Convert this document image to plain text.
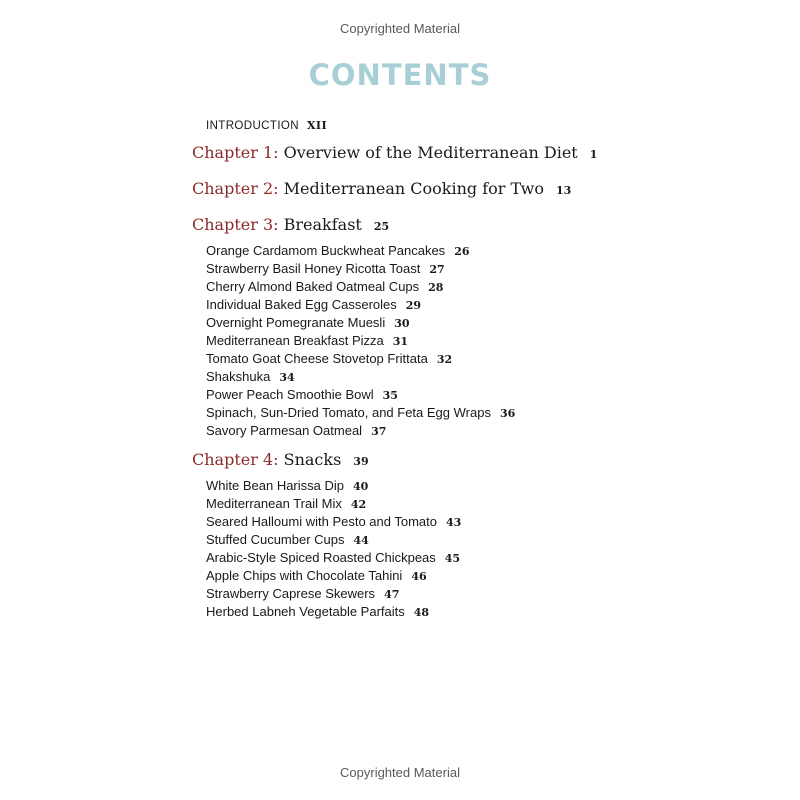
Copyrighted Material

CONTENTS

INTRODUCTION XII

Chapter 1: Overview of the Mediterranean Diet 1

Chapter 2: Mediterranean Cooking for Two 13

Chapter 3: Breakfast 25

Orange Cardamom Buckwheat Pancakes 26
Strawberry Basil Honey Ricotta Toast 27
Cherry Almond Baked Oatmeal Cups 28
Individual Baked Egg Casseroles 29
Overnight Pomegranate Muesli 30
Mediterranean Breakfast Pizza 31
Tomato Goat Cheese Stovetop Frittata 32
Shakshuka 34
Power Peach Smoothie Bowl 35
Spinach, Sun-Dried Tomato, and Feta Egg Wraps 36
Savory Parmesan Oatmeal 37

Chapter 4: Snacks 39

White Bean Harissa Dip 40
Mediterranean Trail Mix 42
Seared Halloumi with Pesto and Tomato 43
Stuffed Cucumber Cups 44
Arabic-Style Spiced Roasted Chickpeas 45
Apple Chips with Chocolate Tahini 46
Strawberry Caprese Skewers 47
Herbed Labneh Vegetable Parfaits 48

Copyrighted Material
